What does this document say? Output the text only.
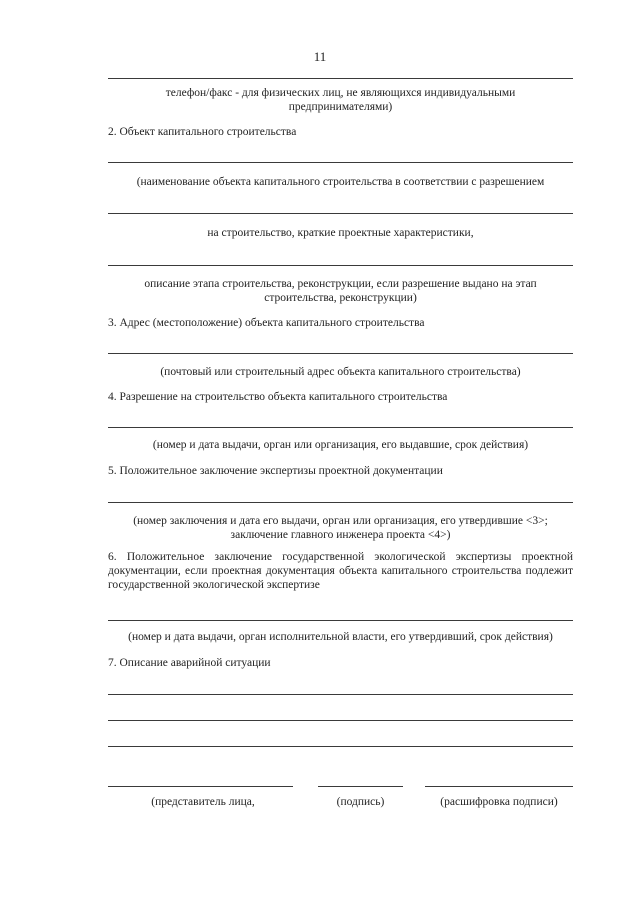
11
телефон/факс - для физических лиц, не являющихся индивидуальными
предпринимателями)
2. Объект капитального строительства
(наименование объекта капитального строительства в соответствии с разрешением
на строительство, краткие проектные характеристики,
описание этапа строительства, реконструкции, если разрешение выдано на этап
строительства, реконструкции)
3. Адрес (местоположение) объекта капитального строительства
(почтовый или строительный адрес объекта капитального строительства)
4. Разрешение на строительство объекта капитального строительства
(номер и дата выдачи, орган или организация, его выдавшие, срок действия)
5. Положительное заключение экспертизы проектной документации
(номер заключения и дата его выдачи, орган или организация, его утвердившие <3>;
заключение главного инженера проекта <4>)
6. Положительное заключение государственной экологической экспертизы проектной документации, если проектная документация объекта капитального строительства подлежит государственной экологической экспертизе
(номер и дата выдачи, орган исполнительной власти, его утвердивший, срок действия)
7. Описание аварийной ситуации
(представитель лица,	(подпись)	(расшифровка подписи)
